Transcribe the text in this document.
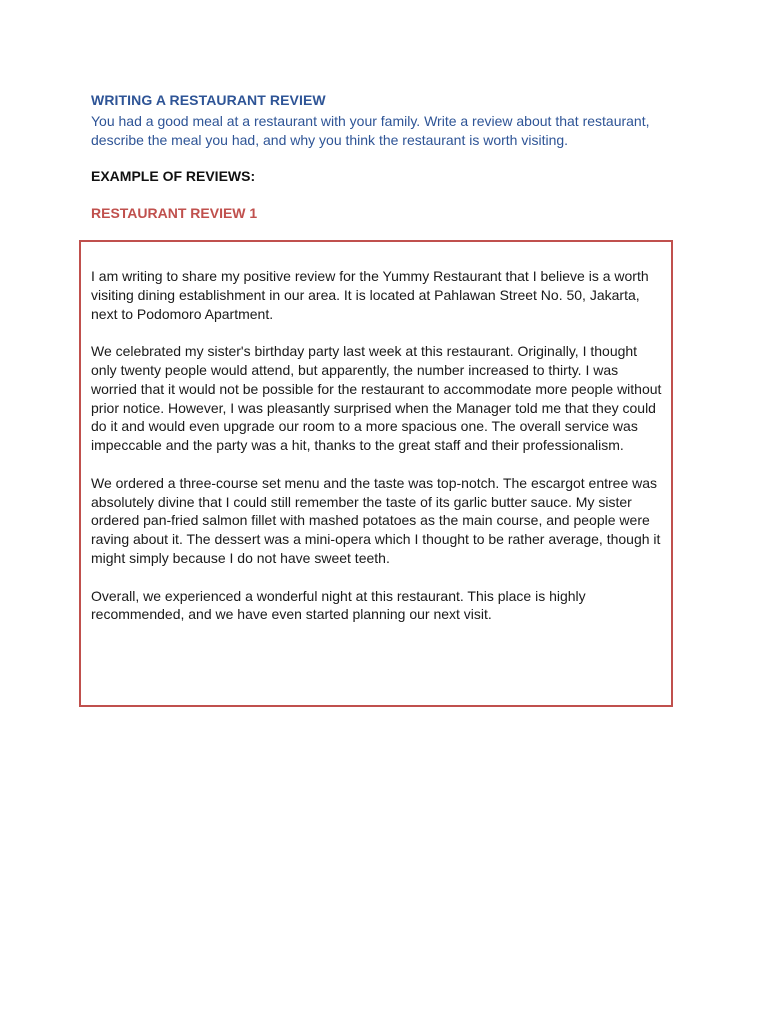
WRITING A RESTAURANT REVIEW
You had a good meal at a restaurant with your family. Write a review about that restaurant, describe the meal you had, and why you think the restaurant is worth visiting.
EXAMPLE OF REVIEWS:
RESTAURANT REVIEW 1

I am writing to share my positive review for the Yummy Restaurant that I believe is a worth visiting dining establishment in our area. It is located at Pahlawan Street No. 50, Jakarta, next to Podomoro Apartment.

We celebrated my sister's birthday party last week at this restaurant. Originally, I thought only twenty people would attend, but apparently, the number increased to thirty. I was worried that it would not be possible for the restaurant to accommodate more people without prior notice. However, I was pleasantly surprised when the Manager told me that they could do it and would even upgrade our room to a more spacious one. The overall service was impeccable and the party was a hit, thanks to the great staff and their professionalism.

We ordered a three-course set menu and the taste was top-notch. The escargot entree was absolutely divine that I could still remember the taste of its garlic butter sauce. My sister ordered pan-fried salmon fillet with mashed potatoes as the main course, and people were raving about it. The dessert was a mini-opera which I thought to be rather average, though it might simply because I do not have sweet teeth.

Overall, we experienced a wonderful night at this restaurant. This place is highly recommended, and we have even started planning our next visit.
